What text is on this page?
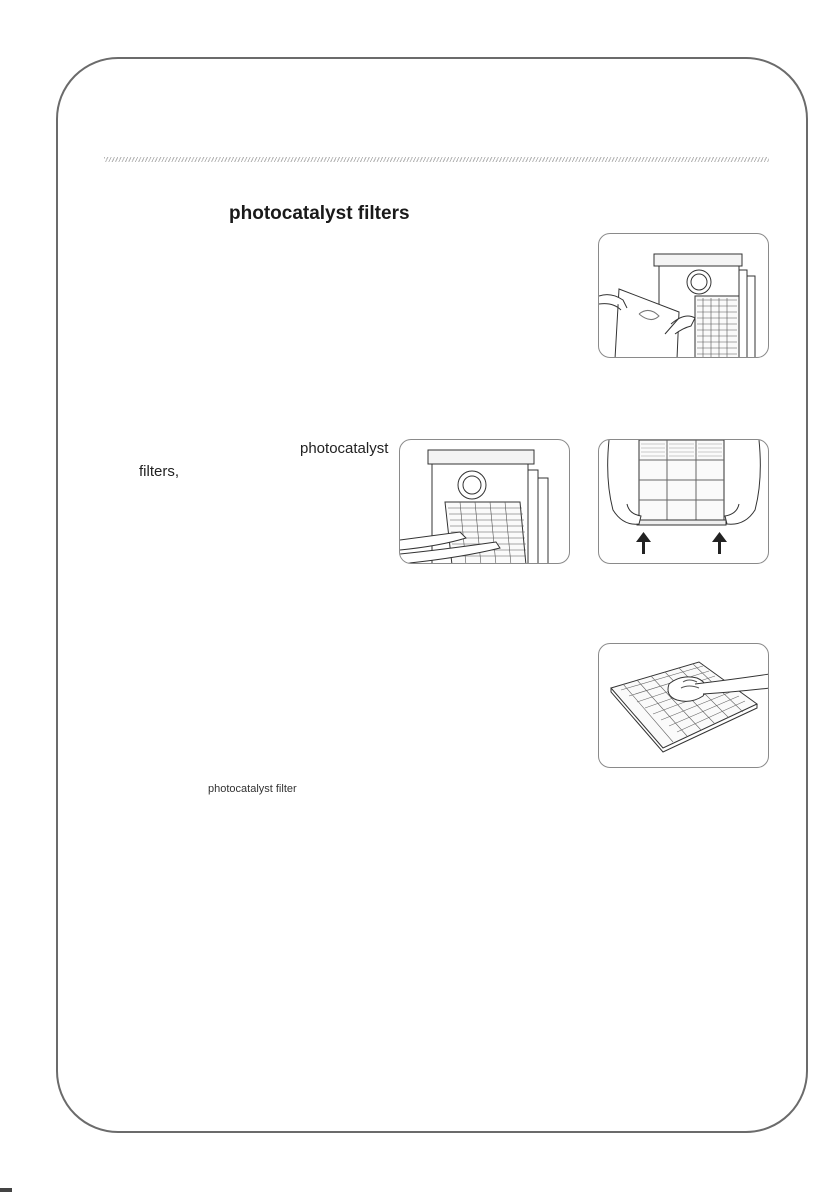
photocatalyst filters

photocatalyst

filters,

photocatalyst filter
